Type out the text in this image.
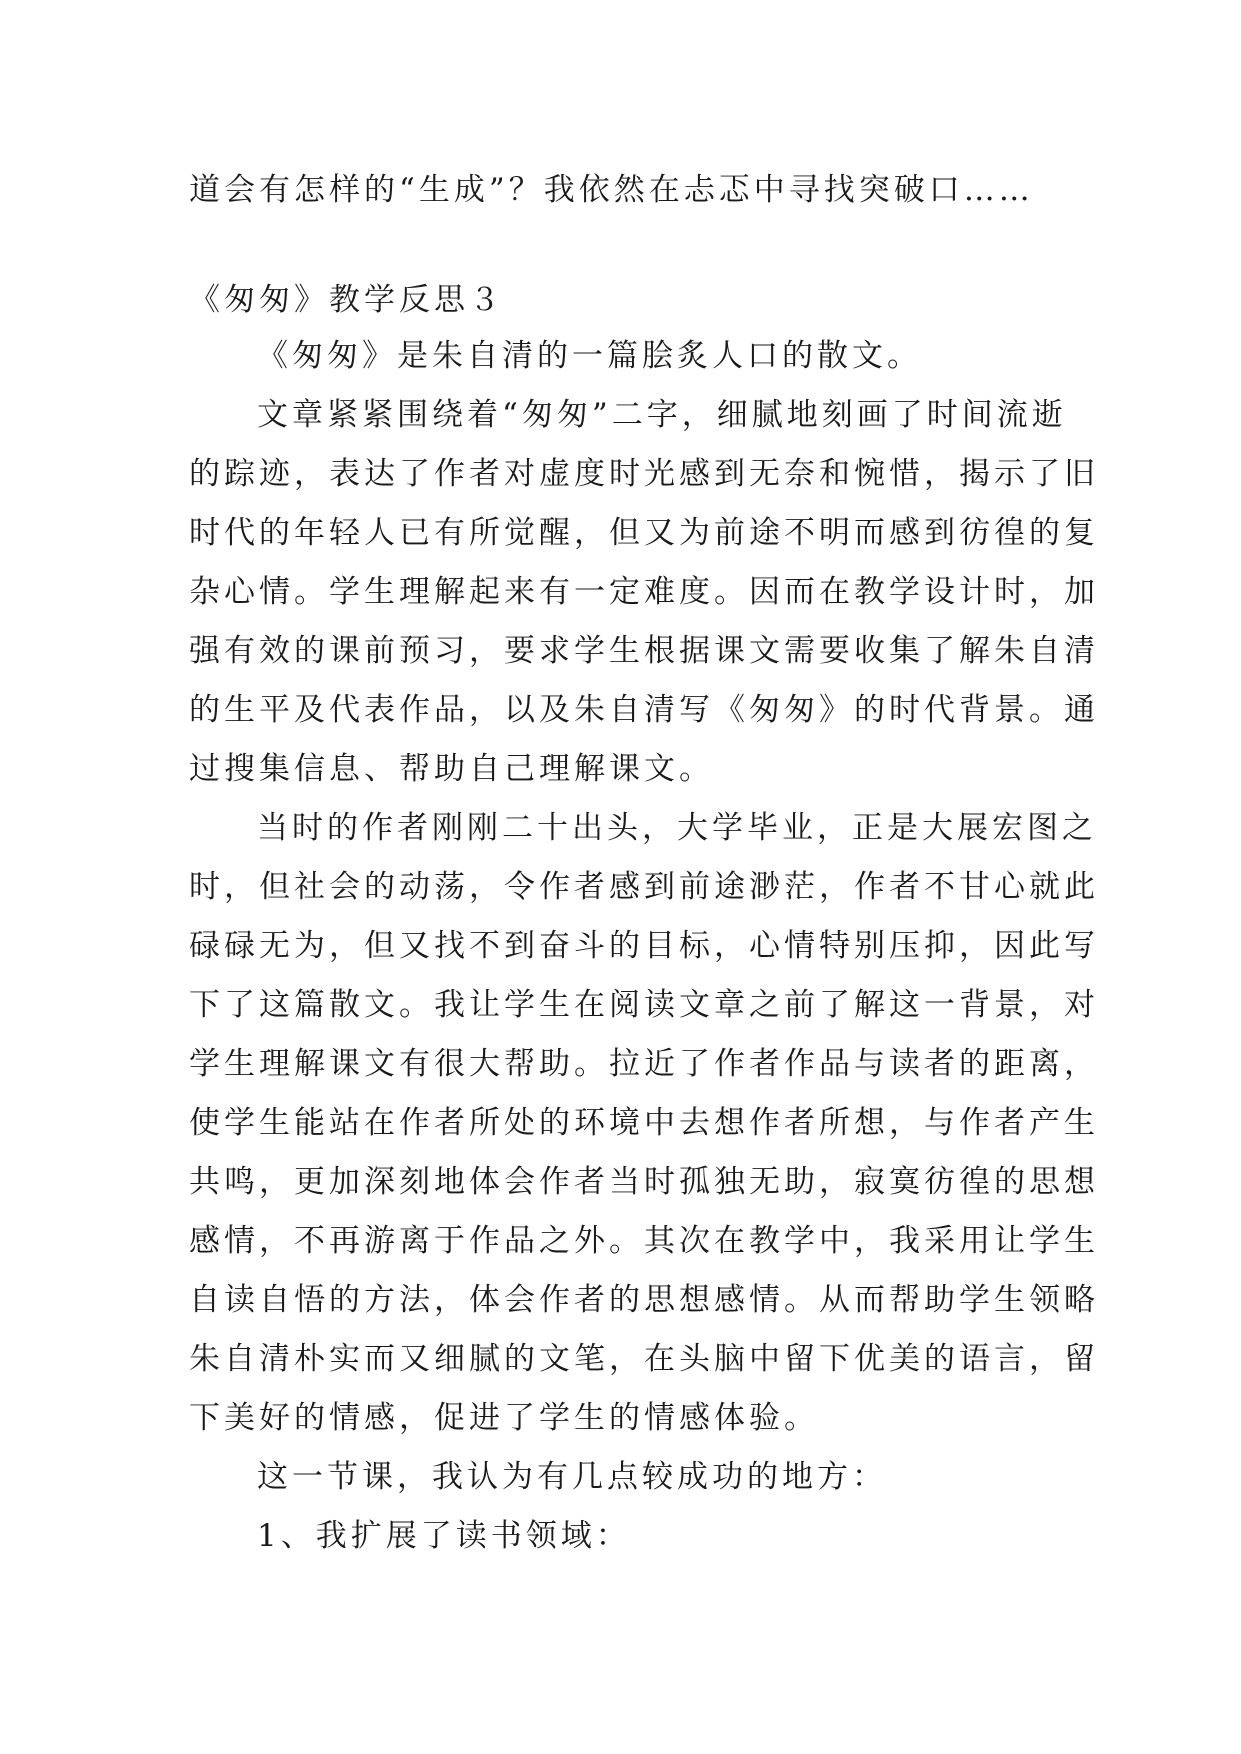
道会有怎样的“生成”？我依然在忐忑中寻找突破口……
《匆匆》教学反思３
《匆匆》是朱自清的一篇脍炙人口的散文。
文章紧紧围绕着“匆匆”二字，细腻地刻画了时间流逝
的踪迹，表达了作者对虚度时光感到无奈和惋惜，揭示了旧
时代的年轻人已有所觉醒，但又为前途不明而感到彷徨的复
杂心情。学生理解起来有一定难度。因而在教学设计时，加
强有效的课前预习，要求学生根据课文需要收集了解朱自清
的生平及代表作品，以及朱自清写《匆匆》的时代背景。通
过搜集信息、帮助自己理解课文。
当时的作者刚刚二十出头，大学毕业，正是大展宏图之
时，但社会的动荡，令作者感到前途渺茫，作者不甘心就此
碌碌无为，但又找不到奋斗的目标，心情特别压抑，因此写
下了这篇散文。我让学生在阅读文章之前了解这一背景，对
学生理解课文有很大帮助。拉近了作者作品与读者的距离，
使学生能站在作者所处的环境中去想作者所想，与作者产生
共鸣，更加深刻地体会作者当时孤独无助，寂寞彷徨的思想
感情，不再游离于作品之外。其次在教学中，我采用让学生
自读自悟的方法，体会作者的思想感情。从而帮助学生领略
朱自清朴实而又细腻的文笔，在头脑中留下优美的语言，留
下美好的情感，促进了学生的情感体验。
这一节课，我认为有几点较成功的地方：
1、我扩展了读书领域：
